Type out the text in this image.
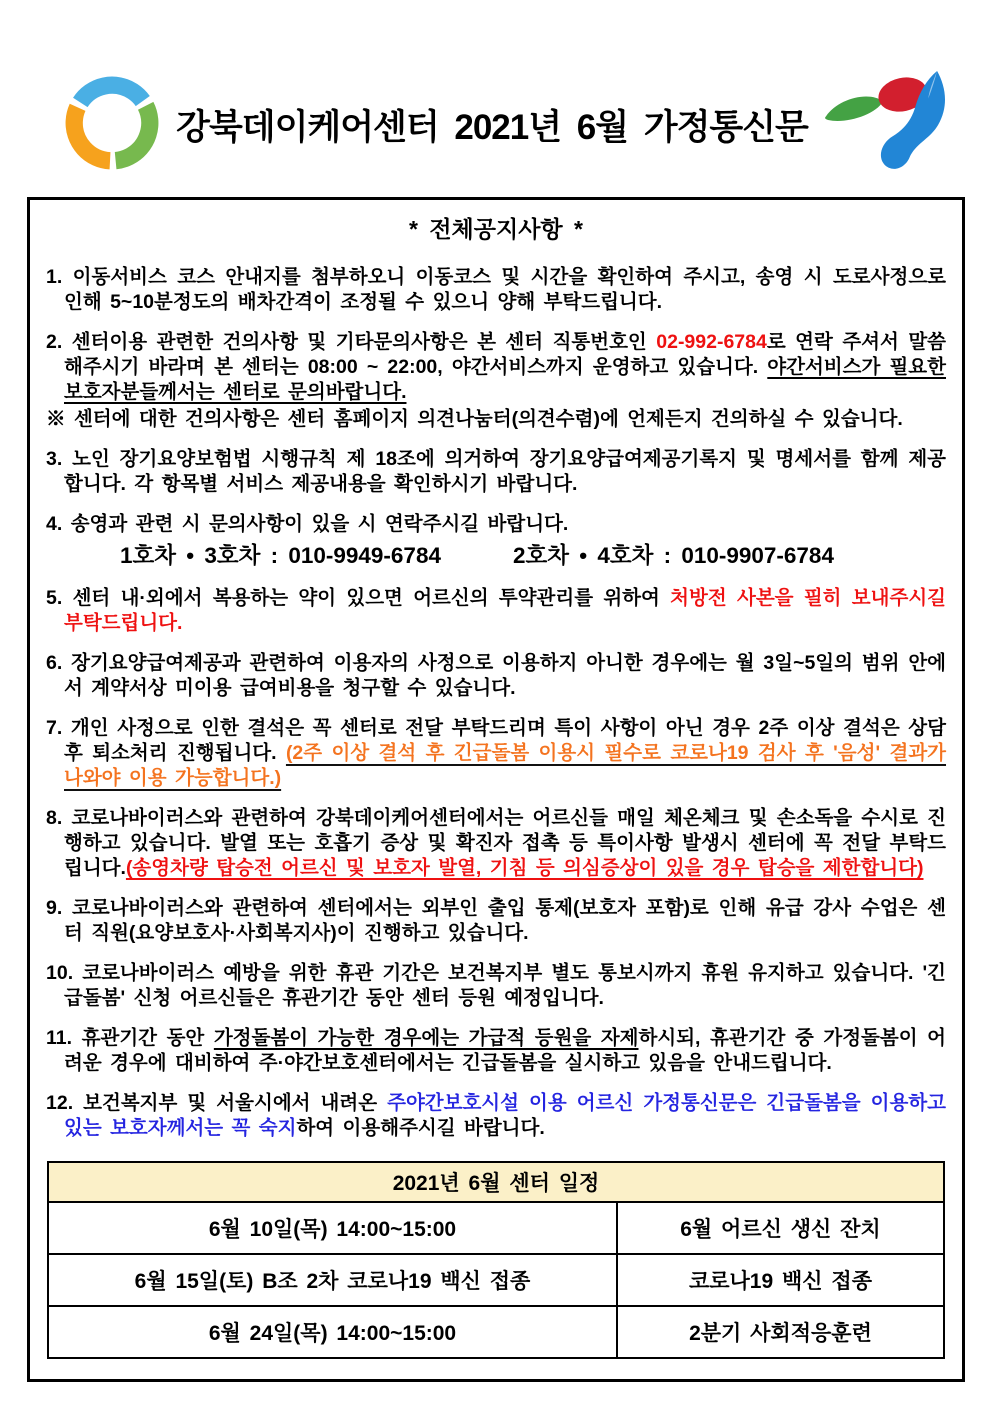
강북데이케어센터 2021년 6월 가정통신문
* 전체공지사항 *
1. 이동서비스 코스 안내지를 첨부하오니 이동코스 및 시간을 확인하여 주시고, 송영 시 도로사정으로 인해 5~10분정도의 배차간격이 조정될 수 있으니 양해 부탁드립니다.
2. 센터이용 관련한 건의사항 및 기타문의사항은 본 센터 직통번호인 02-992-6784로 연락 주셔서 말씀해주시기 바라며 본 센터는 08:00 ~ 22:00, 야간서비스까지 운영하고 있습니다. 야간서비스가 필요한 보호자분들께서는 센터로 문의바랍니다.
※ 센터에 대한 건의사항은 센터 홈페이지 의견나눔터(의견수렴)에 언제든지 건의하실 수 있습니다.
3. 노인 장기요양보험법 시행규칙 제 18조에 의거하여 장기요양급여제공기록지 및 명세서를 함께 제공합니다. 각 항목별 서비스 제공내용을 확인하시기 바랍니다.
4. 송영과 관련 시 문의사항이 있을 시 연락주시길 바랍니다.
1호차 • 3호차 : 010-9949-6784	2호차 • 4호차 : 010-9907-6784
5. 센터 내·외에서 복용하는 약이 있으면 어르신의 투약관리를 위하여 처방전 사본을 필히 보내주시길 부탁드립니다.
6. 장기요양급여제공과 관련하여 이용자의 사정으로 이용하지 아니한 경우에는 월 3일~5일의 범위 안에서 계약서상 미이용 급여비용을 청구할 수 있습니다.
7. 개인 사정으로 인한 결석은 꼭 센터로 전달 부탁드리며 특이 사항이 아닌 경우 2주 이상 결석은 상담 후 퇴소처리 진행됩니다. (2주 이상 결석 후 긴급돌봄 이용시 필수로 코로나19 검사 후 '음성' 결과가 나와야 이용 가능합니다.)
8. 코로나바이러스와 관련하여 강북데이케어센터에서는 어르신들 매일 체온체크 및 손소독을 수시로 진행하고 있습니다. 발열 또는 호흡기 증상 및 확진자 접촉 등 특이사항 발생시 센터에 꼭 전달 부탁드립니다.(송영차량 탑승전 어르신 및 보호자 발열, 기침 등 의심증상이 있을 경우 탑승을 제한합니다)
9. 코로나바이러스와 관련하여 센터에서는 외부인 출입 통제(보호자 포함)로 인해 유급 강사 수업은 센터 직원(요양보호사·사회복지사)이 진행하고 있습니다.
10. 코로나바이러스 예방을 위한 휴관 기간은 보건복지부 별도 통보시까지 휴원 유지하고 있습니다. '긴급돌봄' 신청 어르신들은 휴관기간 동안 센터 등원 예정입니다.
11. 휴관기간 동안 가정돌봄이 가능한 경우에는 가급적 등원을 자제하시되, 휴관기간 중 가정돌봄이 어려운 경우에 대비하여 주·야간보호센터에서는 긴급돌봄을 실시하고 있음을 안내드립니다.
12. 보건복지부 및 서울시에서 내려온 주야간보호시설 이용 어르신 가정통신문은 긴급돌봄을 이용하고 있는 보호자께서는 꼭 숙지하여 이용해주시길 바랍니다.
2021년 6월 센터 일정	
6월 10일(목) 14:00~15:00	6월 어르신 생신 잔치
6월 15일(토) B조 2차 코로나19 백신 접종	코로나19 백신 접종
6월 24일(목) 14:00~15:00	2분기 사회적응훈련
